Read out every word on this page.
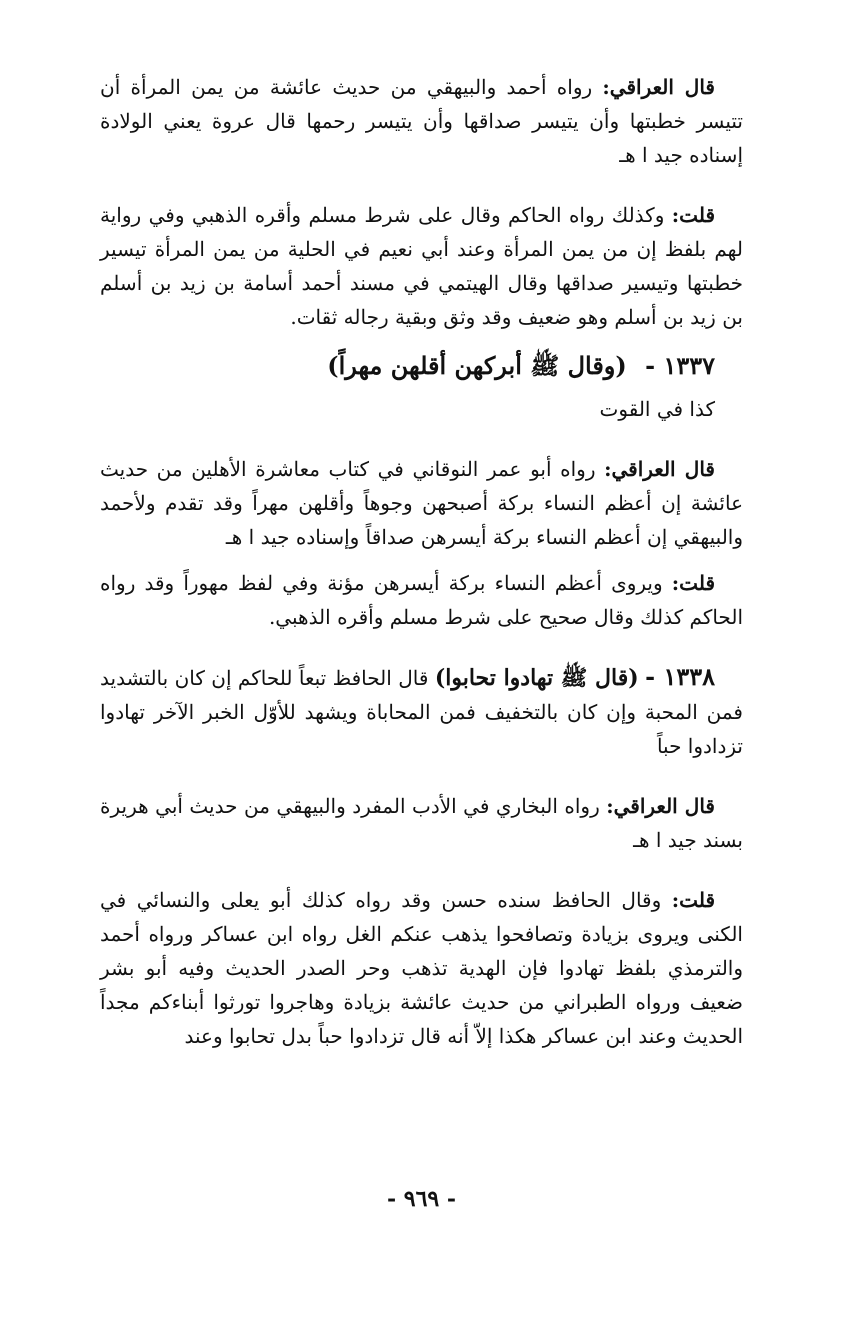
قال العراقي: رواه أحمد والبيهقي من حديث عائشة من يمن المرأة أن تتيسر خطبتها وأن يتيسر صداقها وأن يتيسر رحمها قال عروة يعني الولادة إسناده جيد ا هـ

قلت: وكذلك رواه الحاكم وقال على شرط مسلم وأقره الذهبي وفي رواية لهم بلفظ إن من يمن المرأة وعند أبي نعيم في الحلية من يمن المرأة تيسير خطبتها وتيسير صداقها وقال الهيتمي في مسند أحمد أسامة بن زيد بن أسلم بن زيد بن أسلم وهو ضعيف وقد وثق وبقية رجاله ثقات.

١٣٣٧ - (وقال ﷺ أبركهن أقلهن مهراً)

كذا في القوت

قال العراقي: رواه أبو عمر النوقاني في كتاب معاشرة الأهلين من حديث عائشة إن أعظم النساء بركة أصبحهن وجوهاً وأقلهن مهراً وقد تقدم ولأحمد والبيهقي إن أعظم النساء بركة أيسرهن صداقاً وإسناده جيد ا هـ

قلت: ويروى أعظم النساء بركة أيسرهن مؤنة وفي لفظ مهوراً وقد رواه الحاكم كذلك وقال صحيح على شرط مسلم وأقره الذهبي.

١٣٣٨ - (قال ﷺ تهادوا تحابوا) قال الحافظ تبعاً للحاكم إن كان بالتشديد فمن المحبة وإن كان بالتخفيف فمن المحاباة ويشهد للأوّل الخبر الآخر تهادوا تزدادوا حباً

قال العراقي: رواه البخاري في الأدب المفرد والبيهقي من حديث أبي هريرة بسند جيد ا هـ

قلت: وقال الحافظ سنده حسن وقد رواه كذلك أبو يعلى والنسائي في الكنى ويروى بزيادة وتصافحوا يذهب عنكم الغل رواه ابن عساكر ورواه أحمد والترمذي بلفظ تهادوا فإن الهدية تذهب وحر الصدر الحديث وفيه أبو بشر ضعيف ورواه الطبراني من حديث عائشة بزيادة وهاجروا تورثوا أبناءكم مجداً الحديث وعند ابن عساكر هكذا إلاّ أنه قال تزدادوا حباً بدل تحابوا وعند

- ٩٦٩ -
